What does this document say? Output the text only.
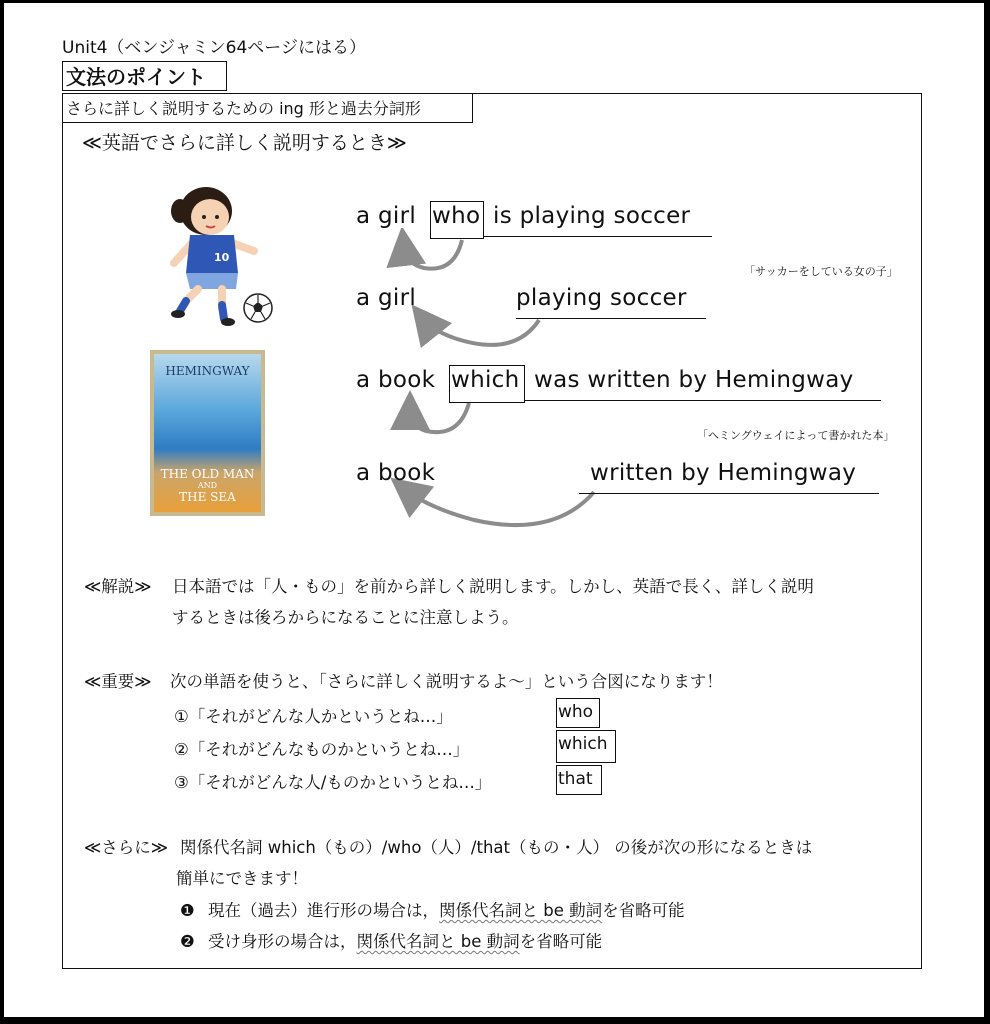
Unit4（ベンジャミン64ページにはる）
文法のポイント
さらに詳しく説明するための ing 形と過去分詞形
≪英語でさらに詳しく説明するとき≫
10
HEMINGWAY
THE OLD MAN
AND
THE SEA
a girl who is playing soccer
「サッカーをしている女の子」
a girl	playing soccer
a book which was written by Hemingway
「ヘミングウェイによって書かれた本」
a book	written by Hemingway
≪解説≫ 日本語では「人・もの」を前から詳しく説明します。しかし、英語で長く、詳しく説明
するときは後ろからになることに注意しよう。
≪重要≫ 次の単語を使うと、「さらに詳しく説明するよ～」という合図になります！
①「それがどんな人かというとね…」	who
②「それがどんなものかというとね…」	which
③「それがどんな人/ものかというとね…」	that
≪さらに≫ 関係代名詞 which（もの）/who（人）/that（もの・人） の後が次の形になるときは
簡単にできます！
❶ 現在（過去）進行形の場合は，関係代名詞と be 動詞を省略可能
❷ 受け身形の場合は，関係代名詞と be 動詞を省略可能
